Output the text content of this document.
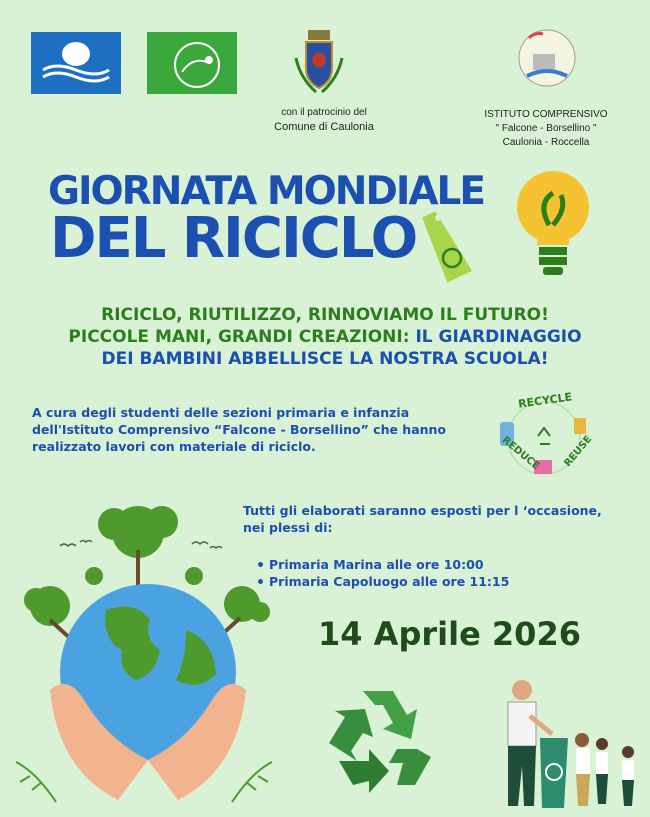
con il patrocinio del
Comune di Caulonia
ISTITUTO COMPRENSIVO
" Falcone - Borsellino "
Caulonia - Roccella
GIORNATA MONDIALE
DEL RICICLO
RICICLO, RIUTILIZZO, RINNOVIAMO IL FUTURO!
PICCOLE MANI, GRANDI CREAZIONI: IL GIARDINAGGIO
DEI BAMBINI ABBELLISCE LA NOSTRA SCUOLA!
A cura degli studenti delle sezioni primaria e infanzia
dell'Istituto Comprensivo “Falcone - Borsellino” che hanno
realizzato lavori con materiale di riciclo.
RECYCLE
REDUCE REUSE
Tutti gli elaborati saranno esposti per l ‘occasione,
nei plessi di:
Primaria Marina alle ore 10:00
Primaria Capoluogo alle ore 11:15
14 Aprile 2026
